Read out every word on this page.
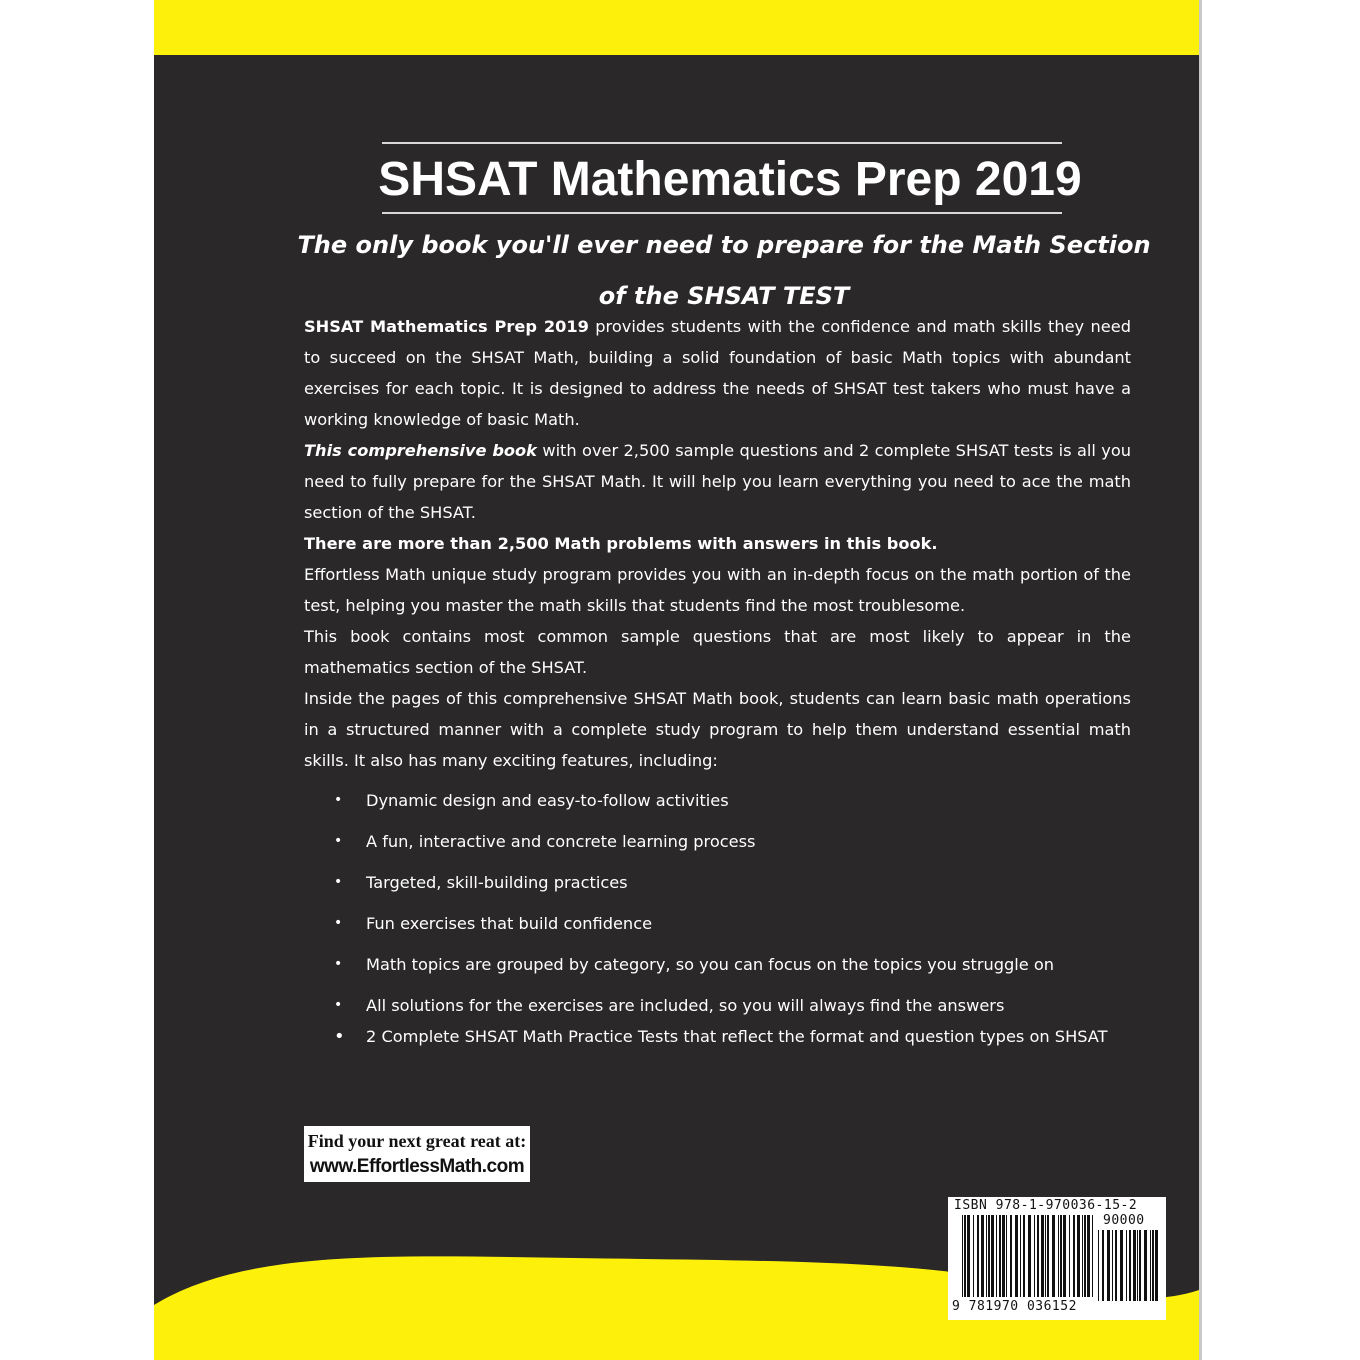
SHSAT Mathematics Prep 2019
The only book you'll ever need to prepare for the Math Section
of the SHSAT TEST

SHSAT Mathematics Prep 2019 provides students with the confidence and math skills they need to succeed on the SHSAT Math, building a solid foundation of basic Math topics with abundant exercises for each topic. It is designed to address the needs of SHSAT test takers who must have a working knowledge of basic Math.

This comprehensive book with over 2,500 sample questions and 2 complete SHSAT tests is all you need to fully prepare for the SHSAT Math. It will help you learn everything you need to ace the math section of the SHSAT.

There are more than 2,500 Math problems with answers in this book.

Effortless Math unique study program provides you with an in-depth focus on the math portion of the test, helping you master the math skills that students find the most troublesome.

This book contains most common sample questions that are most likely to appear in the mathematics section of the SHSAT.

Inside the pages of this comprehensive SHSAT Math book, students can learn basic math operations in a structured manner with a complete study program to help them understand essential math skills. It also has many exciting features, including:

• Dynamic design and easy-to-follow activities
• A fun, interactive and concrete learning process
• Targeted, skill-building practices
• Fun exercises that build confidence
• Math topics are grouped by category, so you can focus on the topics you struggle on
• All solutions for the exercises are included, so you will always find the answers
• 2 Complete SHSAT Math Practice Tests that reflect the format and question types on SHSAT
Find your next great reat at:
www.EffortlessMath.com
ISBN 978-1-970036-15-2
90000
9 781970 036152
